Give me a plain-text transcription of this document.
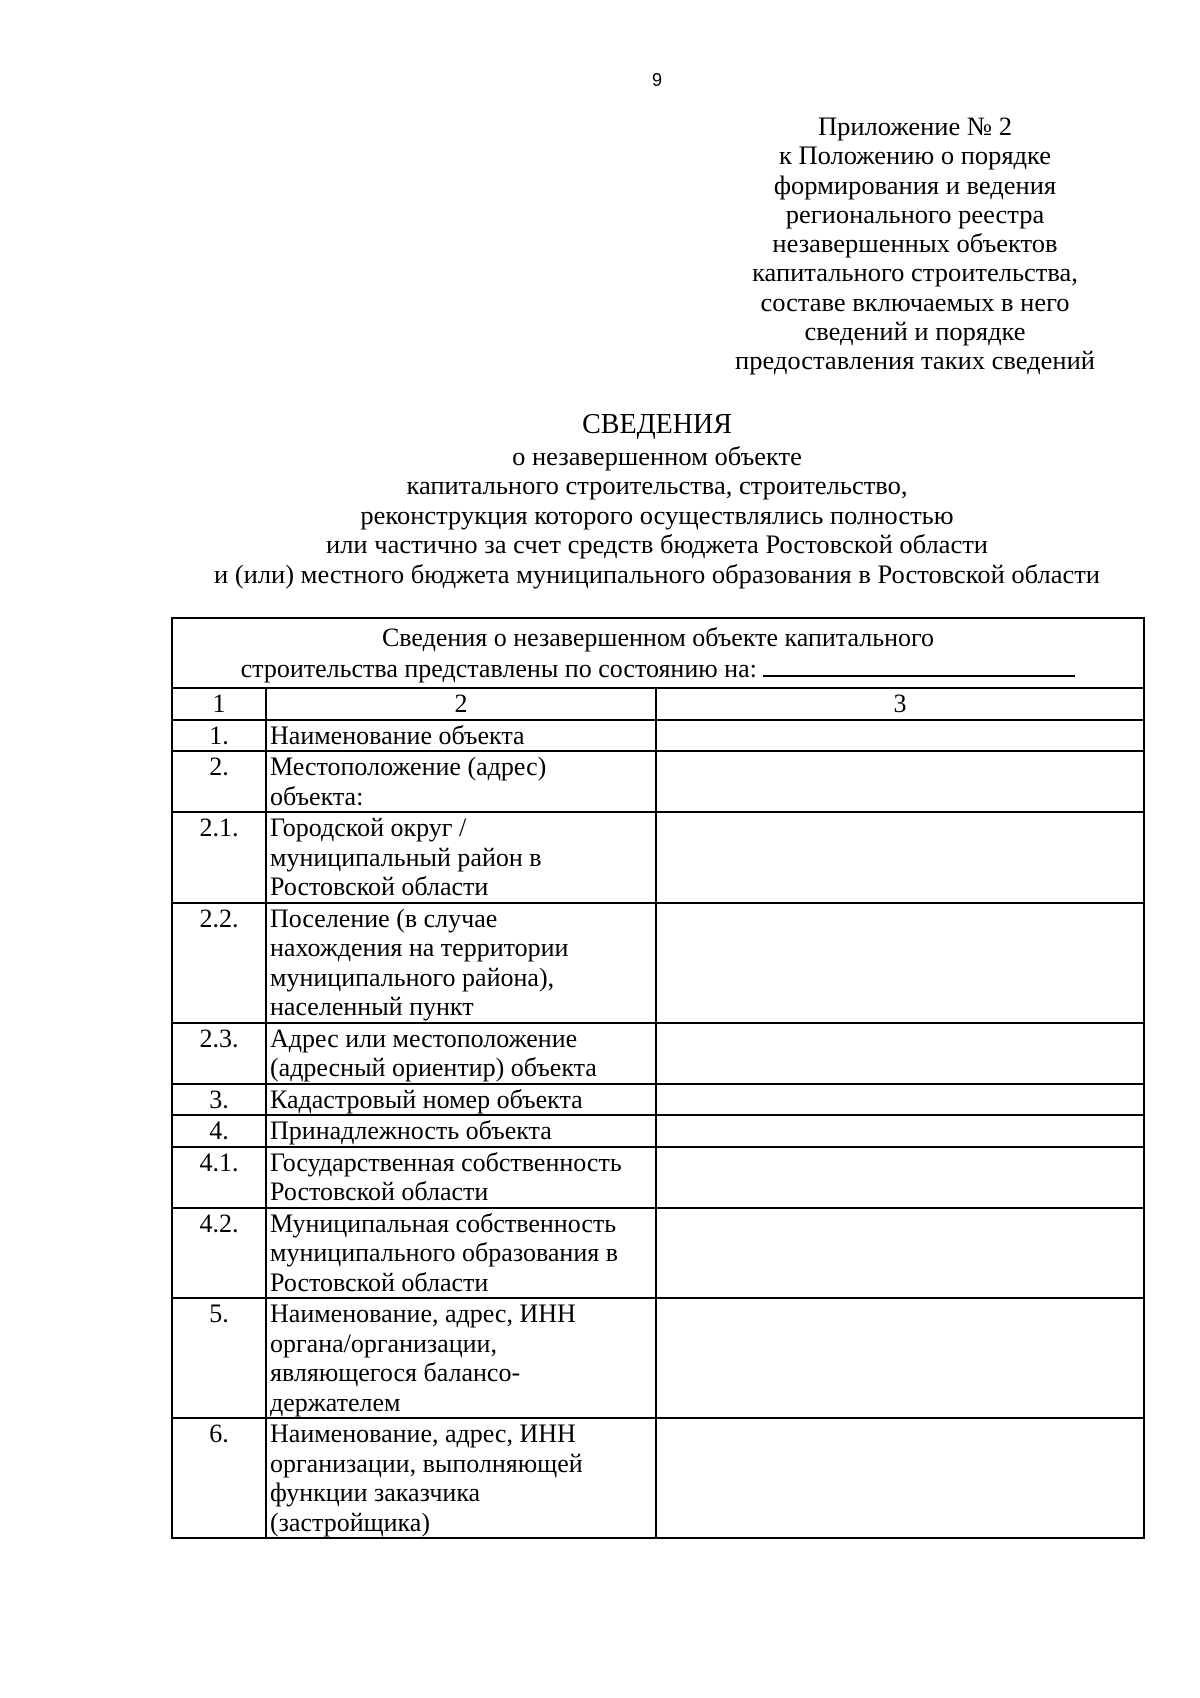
9
Приложение № 2
к Положению о порядке
формирования и ведения
регионального реестра
незавершенных объектов
капитального строительства,
составе включаемых в него
сведений и порядке
предоставления таких сведений
СВЕДЕНИЯ
о незавершенном объекте
капитального строительства, строительство,
реконструкция которого осуществлялись полностью
или частично за счет средств бюджета Ростовской области
и (или) местного бюджета муниципального образования в Ростовской области
Сведения о незавершенном объекте капитального
строительства представлены по состоянию на:		

1	2	3
1.	Наименование объекта	

2.	Местоположение (адрес)
объекта:	

2.1.	Городской округ /
муниципальный район в
Ростовской области	

2.2.	Поселение (в случае
нахождения на территории
муниципального района),
населенный пункт	

2.3.	Адрес или местоположение
(адресный ориентир) объекта	

3.	Кадастровый номер объекта	

4.	Принадлежность объекта	

4.1.	Государственная собственность
Ростовской области	

4.2.	Муниципальная собственность
муниципального образования в
Ростовской области	

5.	Наименование, адрес, ИНН
органа/организации,
являющегося балансо-
держателем	

6.	Наименование, адрес, ИНН
организации, выполняющей
функции заказчика
(застройщика)	
